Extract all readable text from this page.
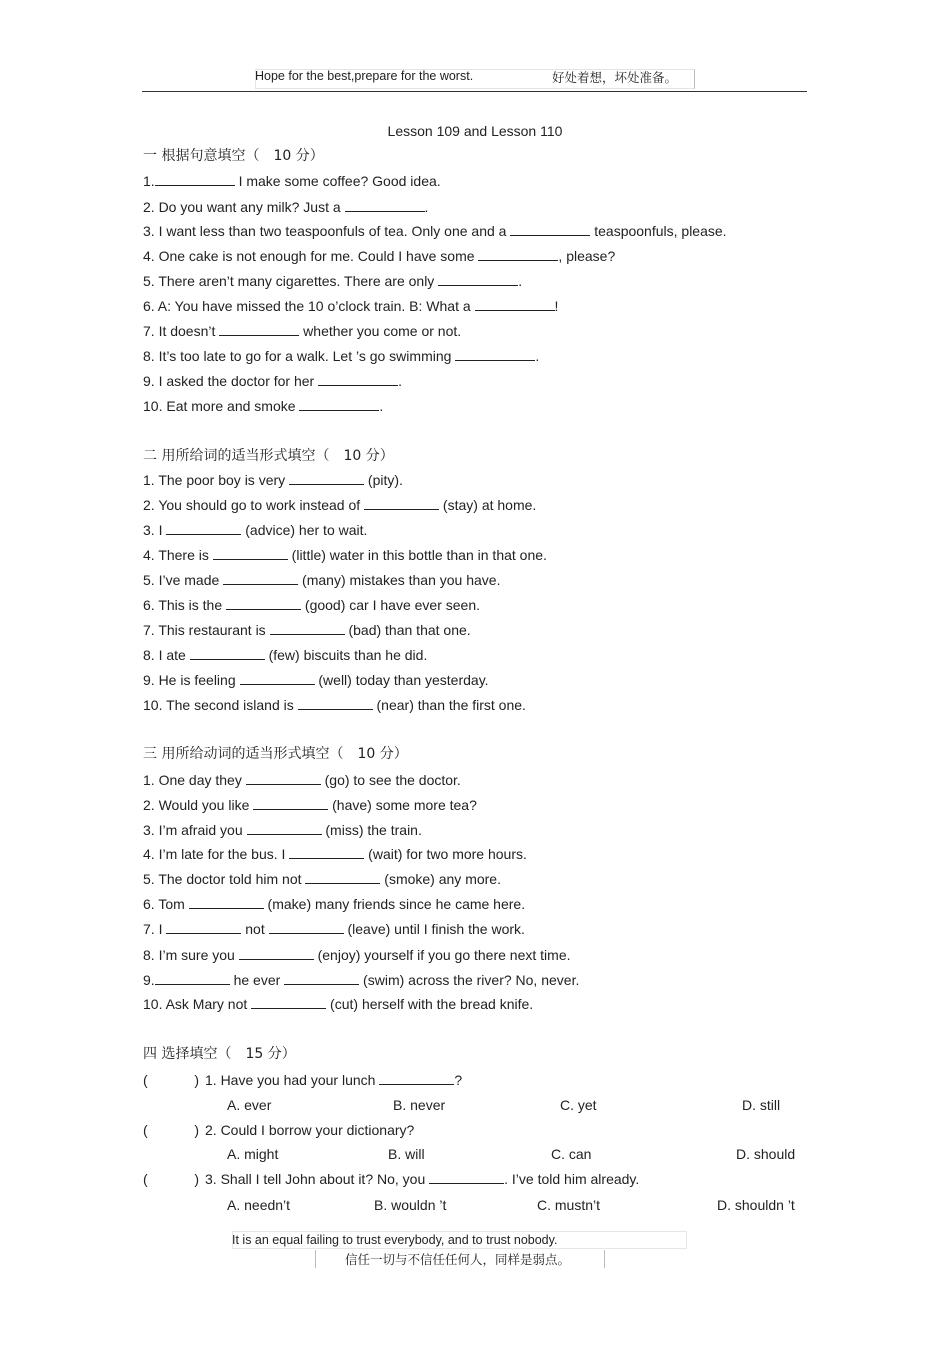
Hope for the best,prepare for the worst.	好处着想，坏处准备。
Lesson 109 and Lesson 110
一 根据句意填空（ 10 分）
1.	I make some coffee? Good idea.
2. Do you want any milk? Just a	.
3. I want less than two teaspoonfuls of tea. Only one and a	teaspoonfuls, please.
4. One cake is not enough for me. Could I have some	, please?
5. There aren’t many cigarettes. There are only	.
6. A: You have missed the 10 o’clock train. B: What a	!
7. It doesn’t	whether you come or not.
8. It’s too late to go for a walk. Let ’s go swimming	.
9. I asked the doctor for her	.
10. Eat more and smoke	.
二 用所给词的适当形式填空（ 10 分）
1. The poor boy is very	(pity).
2. You should go to work instead of	(stay) at home.
3. I	(advice) her to wait.
4. There is	(little) water in this bottle than in that one.
5. I’ve made	(many) mistakes than you have.
6. This is the	(good) car I have ever seen.
7. This restaurant is	(bad) than that one.
8. I ate	(few) biscuits than he did.
9. He is feeling	(well) today than yesterday.
10. The second island is	(near) than the first one.
三 用所给动词的适当形式填空（ 10 分）
1. One day they	(go) to see the doctor.
2. Would you like	(have) some more tea?
3. I’m afraid you	(miss) the train.
4. I’m late for the bus. I	(wait) for two more hours.
5. The doctor told him not	(smoke) any more.
6. Tom	(make) many friends since he came here.
7. I	not	(leave) until I finish the work.
8. I’m sure you	(enjoy) yourself if you go there next time.
9.	he ever	(swim) across the river? No, never.
10. Ask Mary not	(cut) herself with the bread knife.
四 选择填空（ 15 分）
(            ) 1. Have you had your lunch	?
A. ever	B. never	C. yet	D. still
(            ) 2. Could I borrow your dictionary?
A. might	B. will	C. can	D. should
(            ) 3. Shall I tell John about it? No, you	. I’ve told him already.
A. needn’t	B. wouldn ’t	C. mustn’t	D. shouldn ’t
It is an equal failing to trust everybody, and to trust nobody.
信任一切与不信任任何人，同样是弱点。
